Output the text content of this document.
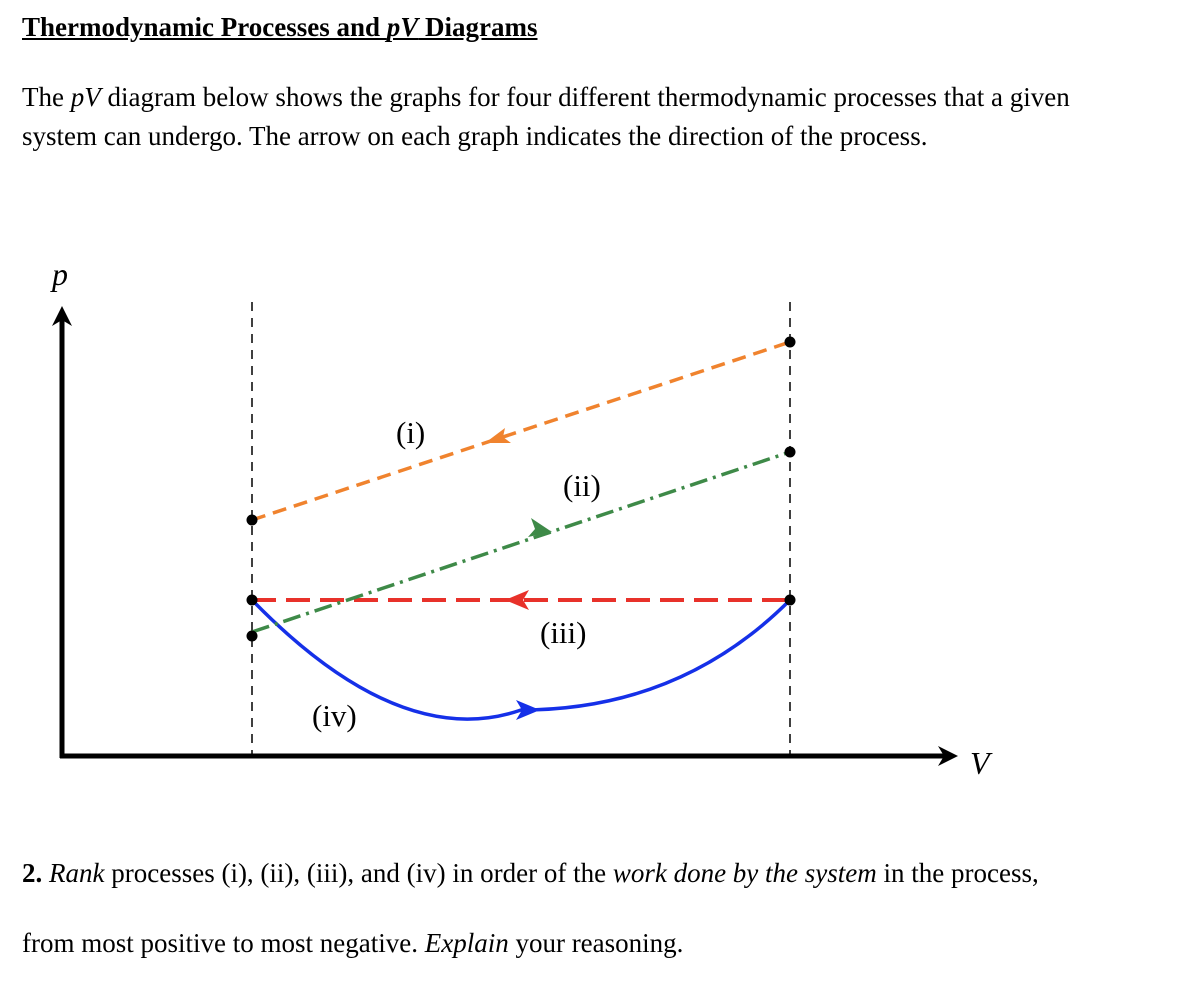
Thermodynamic Processes and pV Diagrams

The pV diagram below shows the graphs for four different thermodynamic processes that a given
system can undergo. The arrow on each graph indicates the direction of the process.

p
V
(i)
(ii)
(iii)
(iv)

2. Rank processes (i), (ii), (iii), and (iv) in order of the work done by the system in the process,
from most positive to most negative. Explain your reasoning.
